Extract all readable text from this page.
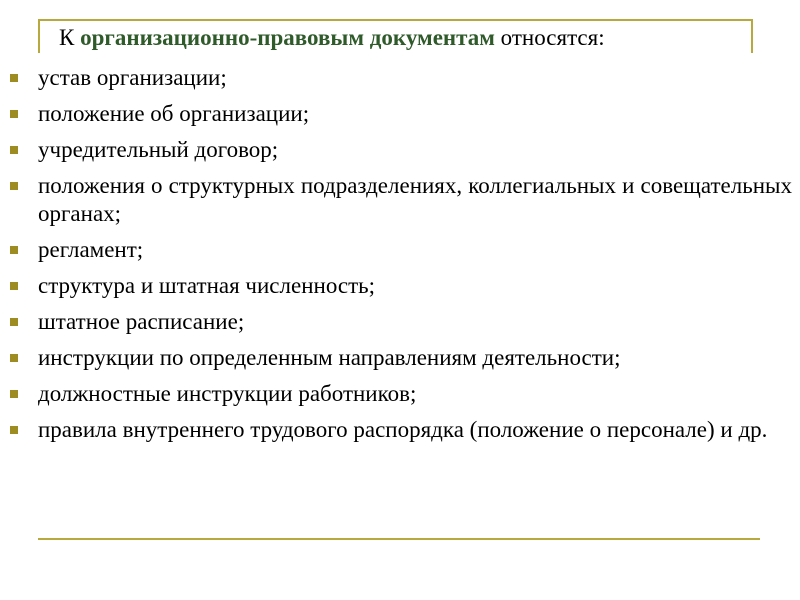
К организационно-правовым документам относятся:
устав организации;
положение об организации;
учредительный договор;
положения о структурных подразделениях, коллегиальных и совещательных органах;
регламент;
структура и штатная численность;
штатное расписание;
инструкции по определенным направлениям деятельности;
должностные инструкции работников;
правила внутреннего трудового распорядка (положение о персонале) и др.
